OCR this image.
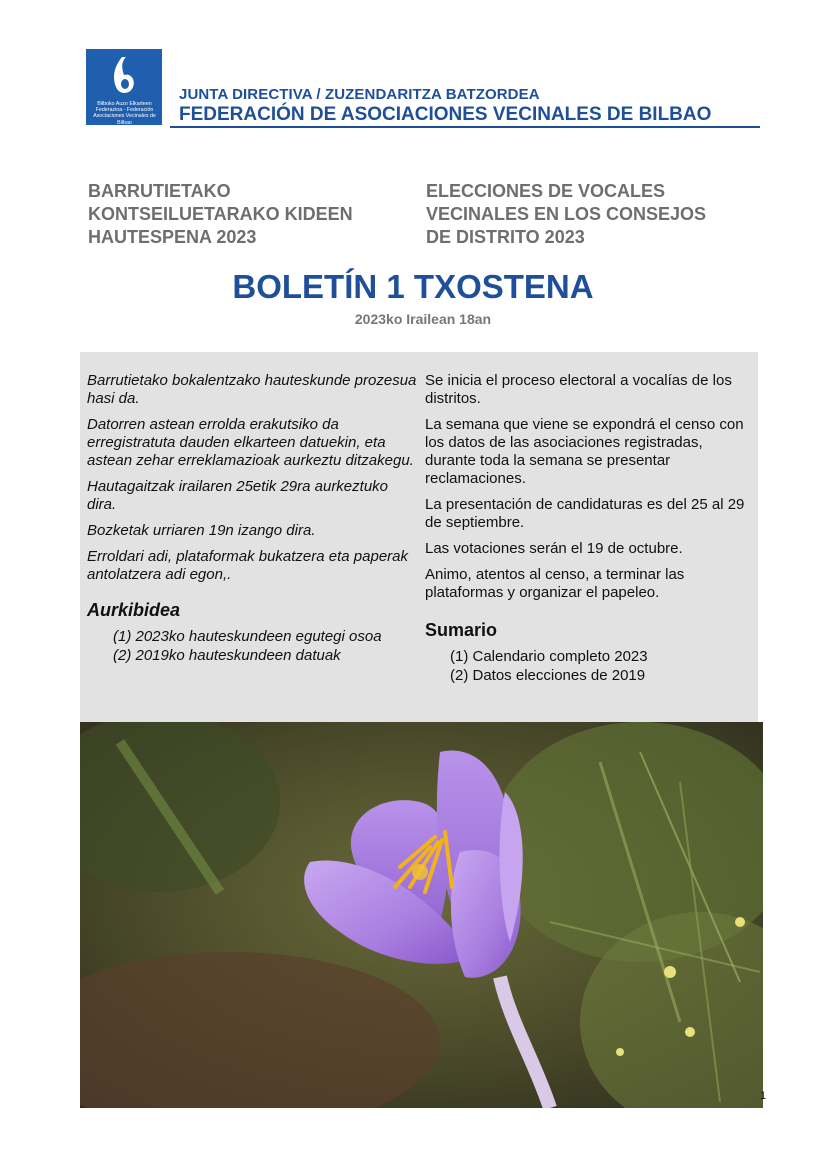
Bilboko Auzo Elkarteen
Federazioa - Federación
Asociaciones Vecinales de Bilbao
JUNTA DIRECTIVA / ZUZENDARITZA BATZORDEA
FEDERACIÓN DE ASOCIACIONES VECINALES DE BILBAO
BARRUTIETAKO
KONTSEILUETARAKO KIDEEN
HAUTESPENA 2023
ELECCIONES DE VOCALES
VECINALES EN LOS CONSEJOS
DE DISTRITO 2023
BOLETÍN 1 TXOSTENA
2023ko Irailean 18an

Barrutietako bokalentzako hauteskunde prozesua hasi da.

Datorren astean errolda erakutsiko da erregistratuta dauden elkarteen datuekin, eta astean zehar erreklamazioak aurkeztu ditzakegu.

Hautagaitzak irailaren 25etik 29ra aurkeztuko dira.

Bozketak urriaren 19n izango dira.

Erroldari adi, plataformak bukatzera eta paperak antolatzera adi egon,.

Aurkibidea
(1) 2023ko hauteskundeen egutegi osoa
(2) 2019ko hauteskundeen datuak

Se inicia el proceso electoral a vocalías de los distritos.

La semana que viene se expondrá el censo con los datos de las asociaciones registradas, durante toda la semana se presentar reclamaciones.

La presentación de candidaturas es del 25 al 29 de septiembre.

Las votaciones serán el 19 de octubre.

Animo, atentos al censo, a terminar las plataformas y organizar el papeleo.

Sumario
(1) Calendario completo 2023
(2) Datos elecciones de 2019
1
